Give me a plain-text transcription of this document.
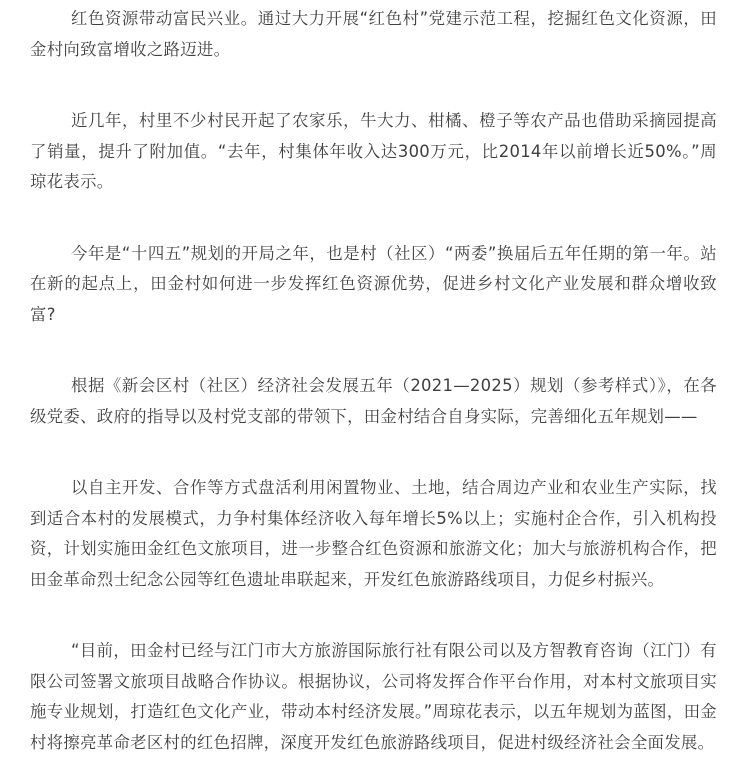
红色资源带动富民兴业。通过大力开展“红色村”党建示范工程，挖掘红色文化资源，田金村向致富增收之路迈进。

近几年，村里不少村民开起了农家乐，牛大力、柑橘、橙子等农产品也借助采摘园提高了销量，提升了附加值。“去年，村集体年收入达300万元，比2014年以前增长近50%。”周琼花表示。

今年是“十四五”规划的开局之年，也是村（社区）“两委”换届后五年任期的第一年。站在新的起点上，田金村如何进一步发挥红色资源优势，促进乡村文化产业发展和群众增收致富?

根据《新会区村（社区）经济社会发展五年（2021—2025）规划（参考样式）》，在各级党委、政府的指导以及村党支部的带领下，田金村结合自身实际，完善细化五年规划——

以自主开发、合作等方式盘活利用闲置物业、土地，结合周边产业和农业生产实际，找到适合本村的发展模式，力争村集体经济收入每年增长5%以上；实施村企合作，引入机构投资，计划实施田金红色文旅项目，进一步整合红色资源和旅游文化；加大与旅游机构合作，把田金革命烈士纪念公园等红色遗址串联起来，开发红色旅游路线项目，力促乡村振兴。

“目前，田金村已经与江门市大方旅游国际旅行社有限公司以及方智教育咨询（江门）有限公司签署文旅项目战略合作协议。根据协议，公司将发挥合作平台作用，对本村文旅项目实施专业规划，打造红色文化产业，带动本村经济发展。”周琼花表示，以五年规划为蓝图，田金村将擦亮革命老区村的红色招牌，深度开发红色旅游路线项目，促进村级经济社会全面发展。
